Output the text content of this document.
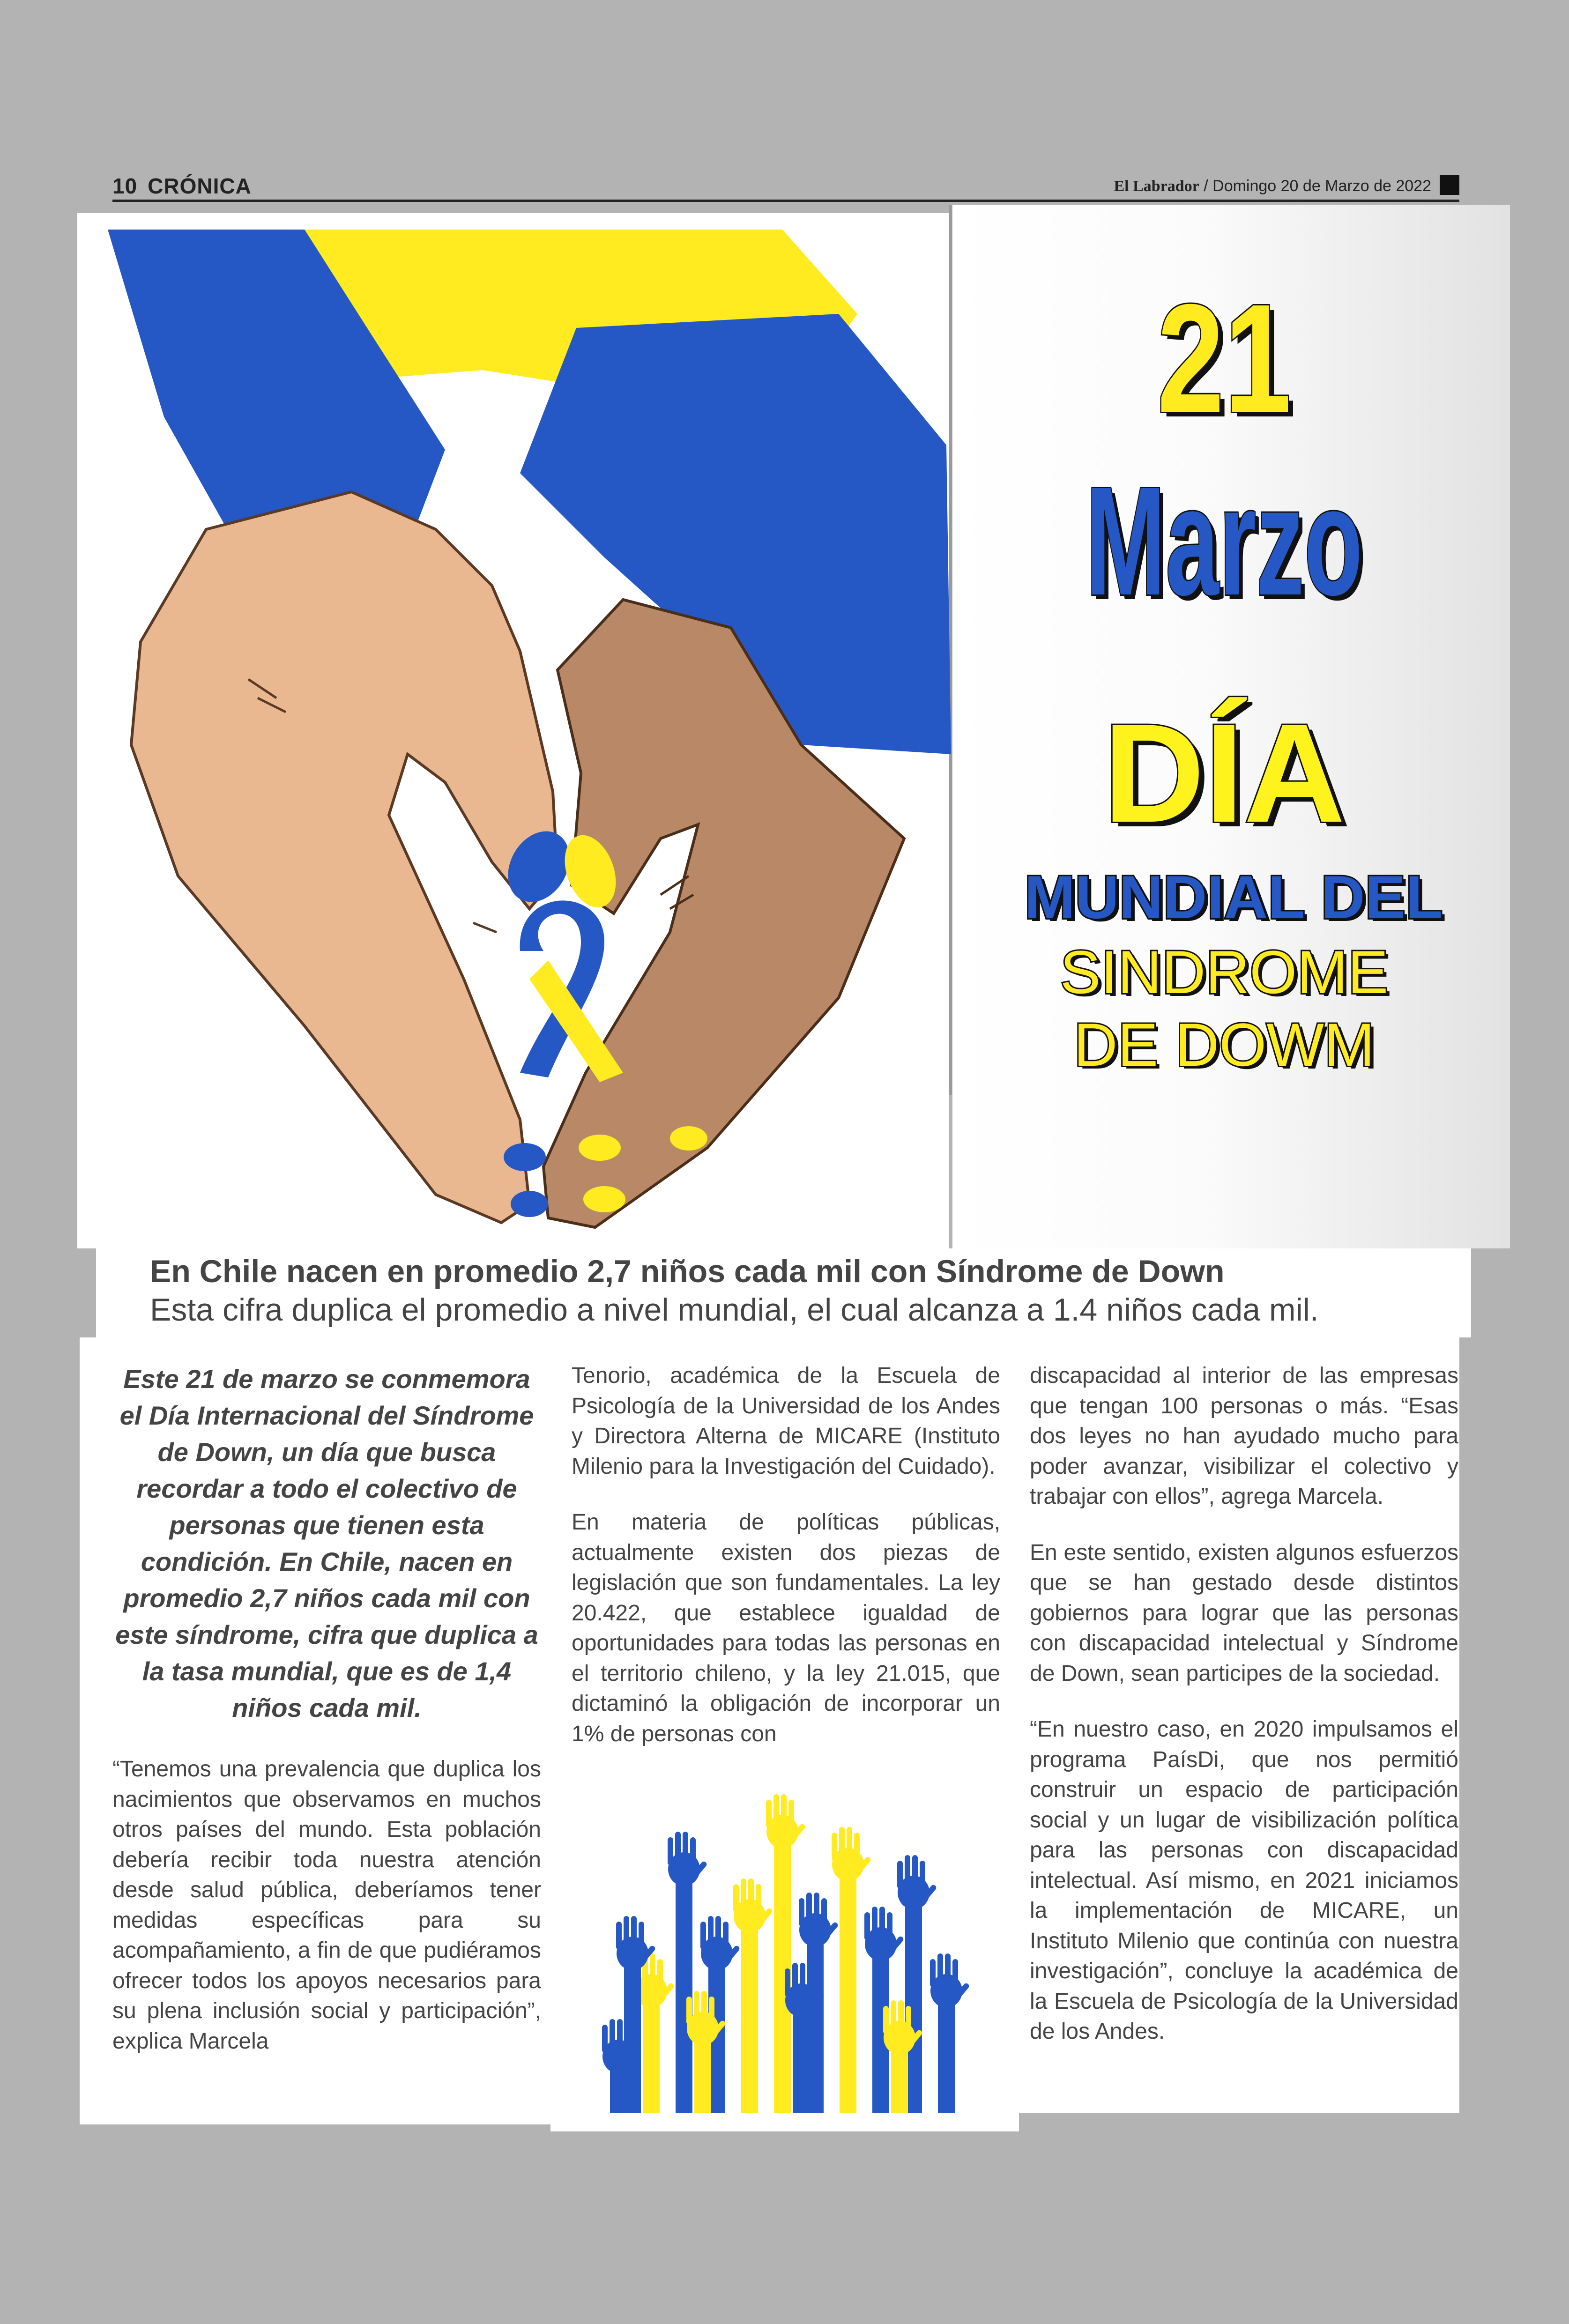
10 CRÓNICA	El Labrador / Domingo 20 de Marzo de 2022
21
Marzo
DÍA
MUNDIAL DEL
SINDROME
DE DOWM
En Chile nacen en promedio 2,7 niños cada mil con Síndrome de Down
Esta cifra duplica el promedio a nivel mundial, el cual alcanza a 1.4 niños cada mil.

Este 21 de marzo se conmemora el Día Internacional del Síndrome de Down, un día que busca recordar a todo el colectivo de personas que tienen esta condición. En Chile, nacen en promedio 2,7 niños cada mil con este síndrome, cifra que duplica a la tasa mundial, que es de 1,4 niños cada mil.

“Tenemos una prevalencia que duplica los nacimientos que observamos en muchos otros países del mundo. Esta población debería recibir toda nuestra atención desde salud pública, deberíamos tener medidas específicas para su acompañamiento, a fin de que pudiéramos ofrecer todos los apoyos necesarios para su plena inclusión social y participación”, explica Marcela

Tenorio, académica de la Escuela de Psicología de la Universidad de los Andes y Directora Alterna de MICARE (Instituto Milenio para la Investigación del Cuidado).

En materia de políticas públicas, actualmente existen dos piezas de legislación que son fundamentales. La ley 20.422, que establece igualdad de oportunidades para todas las personas en el territorio chileno, y la ley 21.015, que dictaminó la obligación de incorporar un 1% de personas con

discapacidad al interior de las empresas que tengan 100 personas o más. “Esas dos leyes no han ayudado mucho para poder avanzar, visibilizar el colectivo y trabajar con ellos”, agrega Marcela.

En este sentido, existen algunos esfuerzos que se han gestado desde distintos gobiernos para lograr que las personas con discapacidad intelectual y Síndrome de Down, sean participes de la sociedad.

“En nuestro caso, en 2020 impulsamos el programa PaísDi, que nos permitió construir un espacio de participación social y un lugar de visibilización política para las personas con discapacidad intelectual. Así mismo, en 2021 iniciamos la implementación de MICARE, un Instituto Milenio que continúa con nuestra investigación”, concluye la académica de la Escuela de Psicología de la Universidad de los Andes.
